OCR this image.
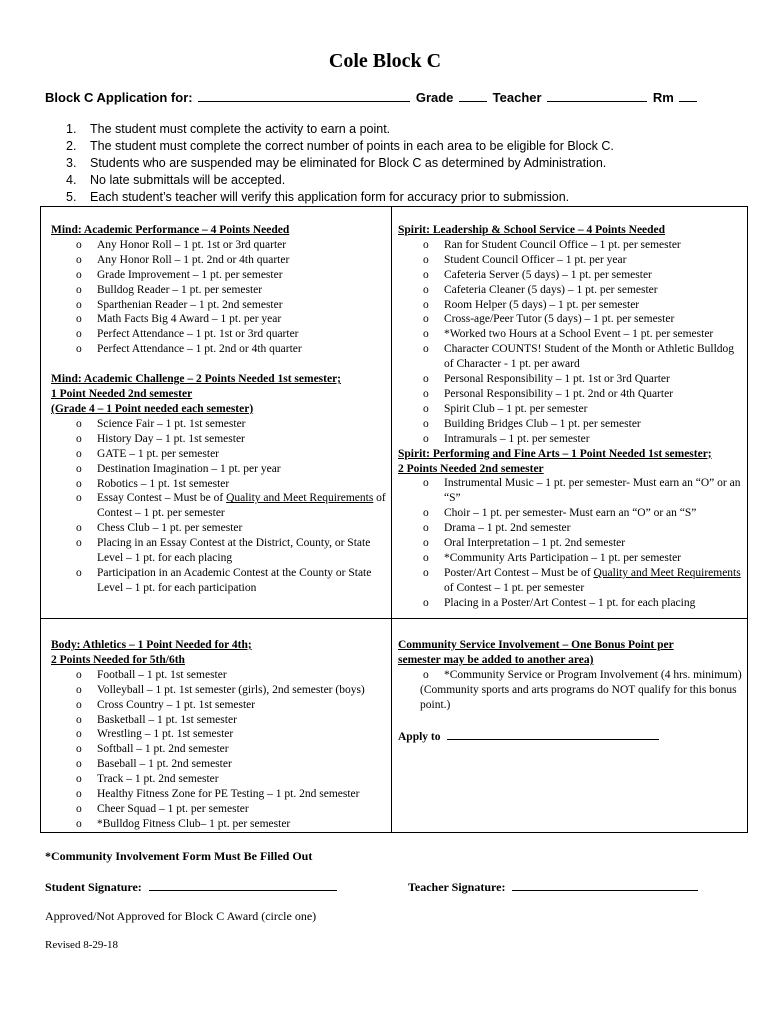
Cole Block C
Block C Application for:	Grade	Teacher	Rm
1. The student must complete the activity to earn a point.
2. The student must complete the correct number of points in each area to be eligible for Block C.
3. Students who are suspended may be eliminated for Block C as determined by Administration.
4. No late submittals will be accepted.
5. Each student’s teacher will verify this application form for accuracy prior to submission.
Mind: Academic Performance – 4 Points Needed
o Any Honor Roll – 1 pt. 1st or 3rd quarter
o Any Honor Roll – 1 pt. 2nd or 4th quarter
o Grade Improvement – 1 pt. per semester
o Bulldog Reader – 1 pt. per semester
o Sparthenian Reader – 1 pt. 2nd semester
o Math Facts Big 4 Award – 1 pt. per year
o Perfect Attendance – 1 pt. 1st or 3rd quarter
o Perfect Attendance – 1 pt. 2nd or 4th quarter
Mind: Academic Challenge – 2 Points Needed 1st semester;
1 Point Needed 2nd semester
(Grade 4 – 1 Point needed each semester)
o Science Fair – 1 pt. 1st semester
o History Day – 1 pt. 1st semester
o GATE – 1 pt. per semester
o Destination Imagination – 1 pt. per year
o Robotics – 1 pt. 1st semester
o Essay Contest – Must be of Quality and Meet Requirements of Contest – 1 pt. per semester
o Chess Club – 1 pt. per semester
o Placing in an Essay Contest at the District, County, or State Level – 1 pt. for each placing
o Participation in an Academic Contest at the County or State Level – 1 pt. for each participation
Spirit: Leadership & School Service – 4 Points Needed
o Ran for Student Council Office – 1 pt. per semester
o Student Council Officer – 1 pt. per year
o Cafeteria Server (5 days) – 1 pt. per semester
o Cafeteria Cleaner (5 days) – 1 pt. per semester
o Room Helper (5 days) – 1 pt. per semester
o Cross-age/Peer Tutor (5 days) – 1 pt. per semester
o *Worked two Hours at a School Event – 1 pt. per semester
o Character COUNTS! Student of the Month or Athletic Bulldog of Character - 1 pt. per award
o Personal Responsibility – 1 pt. 1st or 3rd Quarter
o Personal Responsibility – 1 pt. 2nd or 4th Quarter
o Spirit Club – 1 pt. per semester
o Building Bridges Club – 1 pt. per semester
o Intramurals – 1 pt. per semester
Spirit: Performing and Fine Arts – 1 Point Needed 1st semester;
2 Points Needed 2nd semester
o Instrumental Music – 1 pt. per semester- Must earn an “O” or an “S”
o Choir – 1 pt. per semester- Must earn an “O” or an “S”
o Drama – 1 pt. 2nd semester
o Oral Interpretation – 1 pt. 2nd semester
o *Community Arts Participation – 1 pt. per semester
o Poster/Art Contest – Must be of Quality and Meet Requirements of Contest – 1 pt. per semester
o Placing in a Poster/Art Contest – 1 pt. for each placing
Body: Athletics – 1 Point Needed for 4th;
2 Points Needed for 5th/6th
o Football – 1 pt. 1st semester
o Volleyball – 1 pt. 1st semester (girls), 2nd semester (boys)
o Cross Country – 1 pt. 1st semester
o Basketball – 1 pt. 1st semester
o Wrestling – 1 pt. 1st semester
o Softball – 1 pt. 2nd semester
o Baseball – 1 pt. 2nd semester
o Track – 1 pt. 2nd semester
o Healthy Fitness Zone for PE Testing – 1 pt. 2nd semester
o Cheer Squad – 1 pt. per semester
o *Bulldog Fitness Club– 1 pt. per semester
Community Service Involvement – One Bonus Point per
semester may be added to another area)
o *Community Service or Program Involvement (4 hrs. minimum)
(Community sports and arts programs do NOT qualify for this bonus point.)
Apply to
*Community Involvement Form Must Be Filled Out
Student Signature:	Teacher Signature:
Approved/Not Approved for Block C Award (circle one)
Revised 8-29-18
